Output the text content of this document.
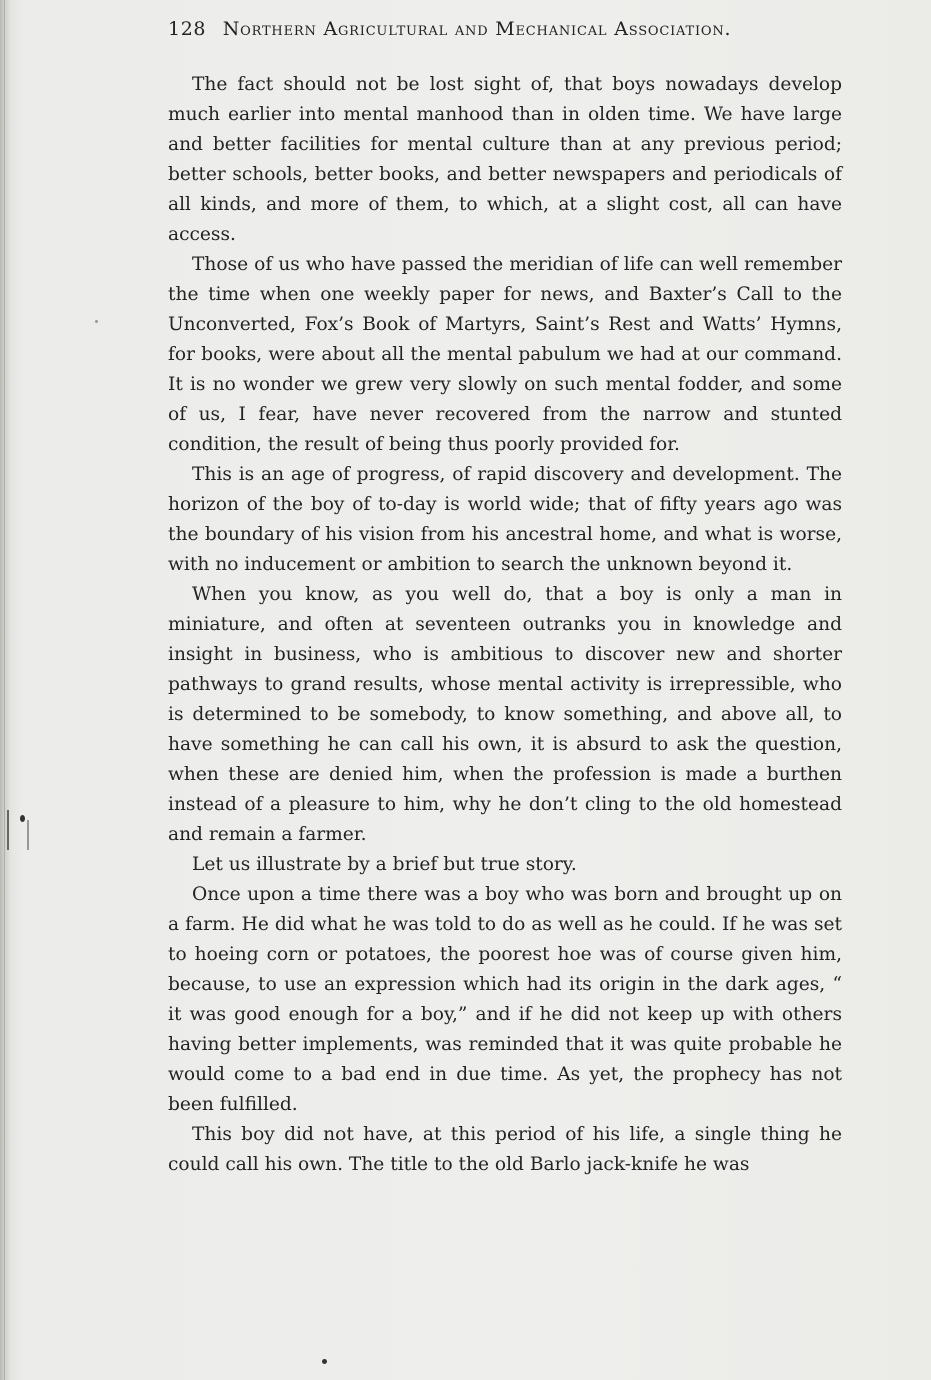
128 Northern Agricultural and Mechanical Association.

The fact should not be lost sight of, that boys nowadays develop much earlier into mental manhood than in olden time. We have large and better facilities for mental culture than at any previous period; better schools, better books, and better newspapers and periodicals of all kinds, and more of them, to which, at a slight cost, all can have access.

Those of us who have passed the meridian of life can well remember the time when one weekly paper for news, and Baxter’s Call to the Unconverted, Fox’s Book of Martyrs, Saint’s Rest and Watts’ Hymns, for books, were about all the mental pabulum we had at our command. It is no wonder we grew very slowly on such mental fodder, and some of us, I fear, have never recovered from the narrow and stunted condition, the result of being thus poorly provided for.

This is an age of progress, of rapid discovery and development. The horizon of the boy of to-day is world wide; that of fifty years ago was the boundary of his vision from his ancestral home, and what is worse, with no inducement or ambition to search the unknown beyond it.

When you know, as you well do, that a boy is only a man in miniature, and often at seventeen outranks you in knowledge and insight in business, who is ambitious to discover new and shorter pathways to grand results, whose mental activity is irrepressible, who is determined to be somebody, to know something, and above all, to have something he can call his own, it is absurd to ask the question, when these are denied him, when the profession is made a burthen instead of a pleasure to him, why he don’t cling to the old homestead and remain a farmer.

Let us illustrate by a brief but true story.

Once upon a time there was a boy who was born and brought up on a farm. He did what he was told to do as well as he could. If he was set to hoeing corn or potatoes, the poorest hoe was of course given him, because, to use an expression which had its origin in the dark ages, “ it was good enough for a boy,” and if he did not keep up with others having better implements, was reminded that it was quite probable he would come to a bad end in due time. As yet, the prophecy has not been fulfilled.

This boy did not have, at this period of his life, a single thing he could call his own. The title to the old Barlo jack-knife he was
